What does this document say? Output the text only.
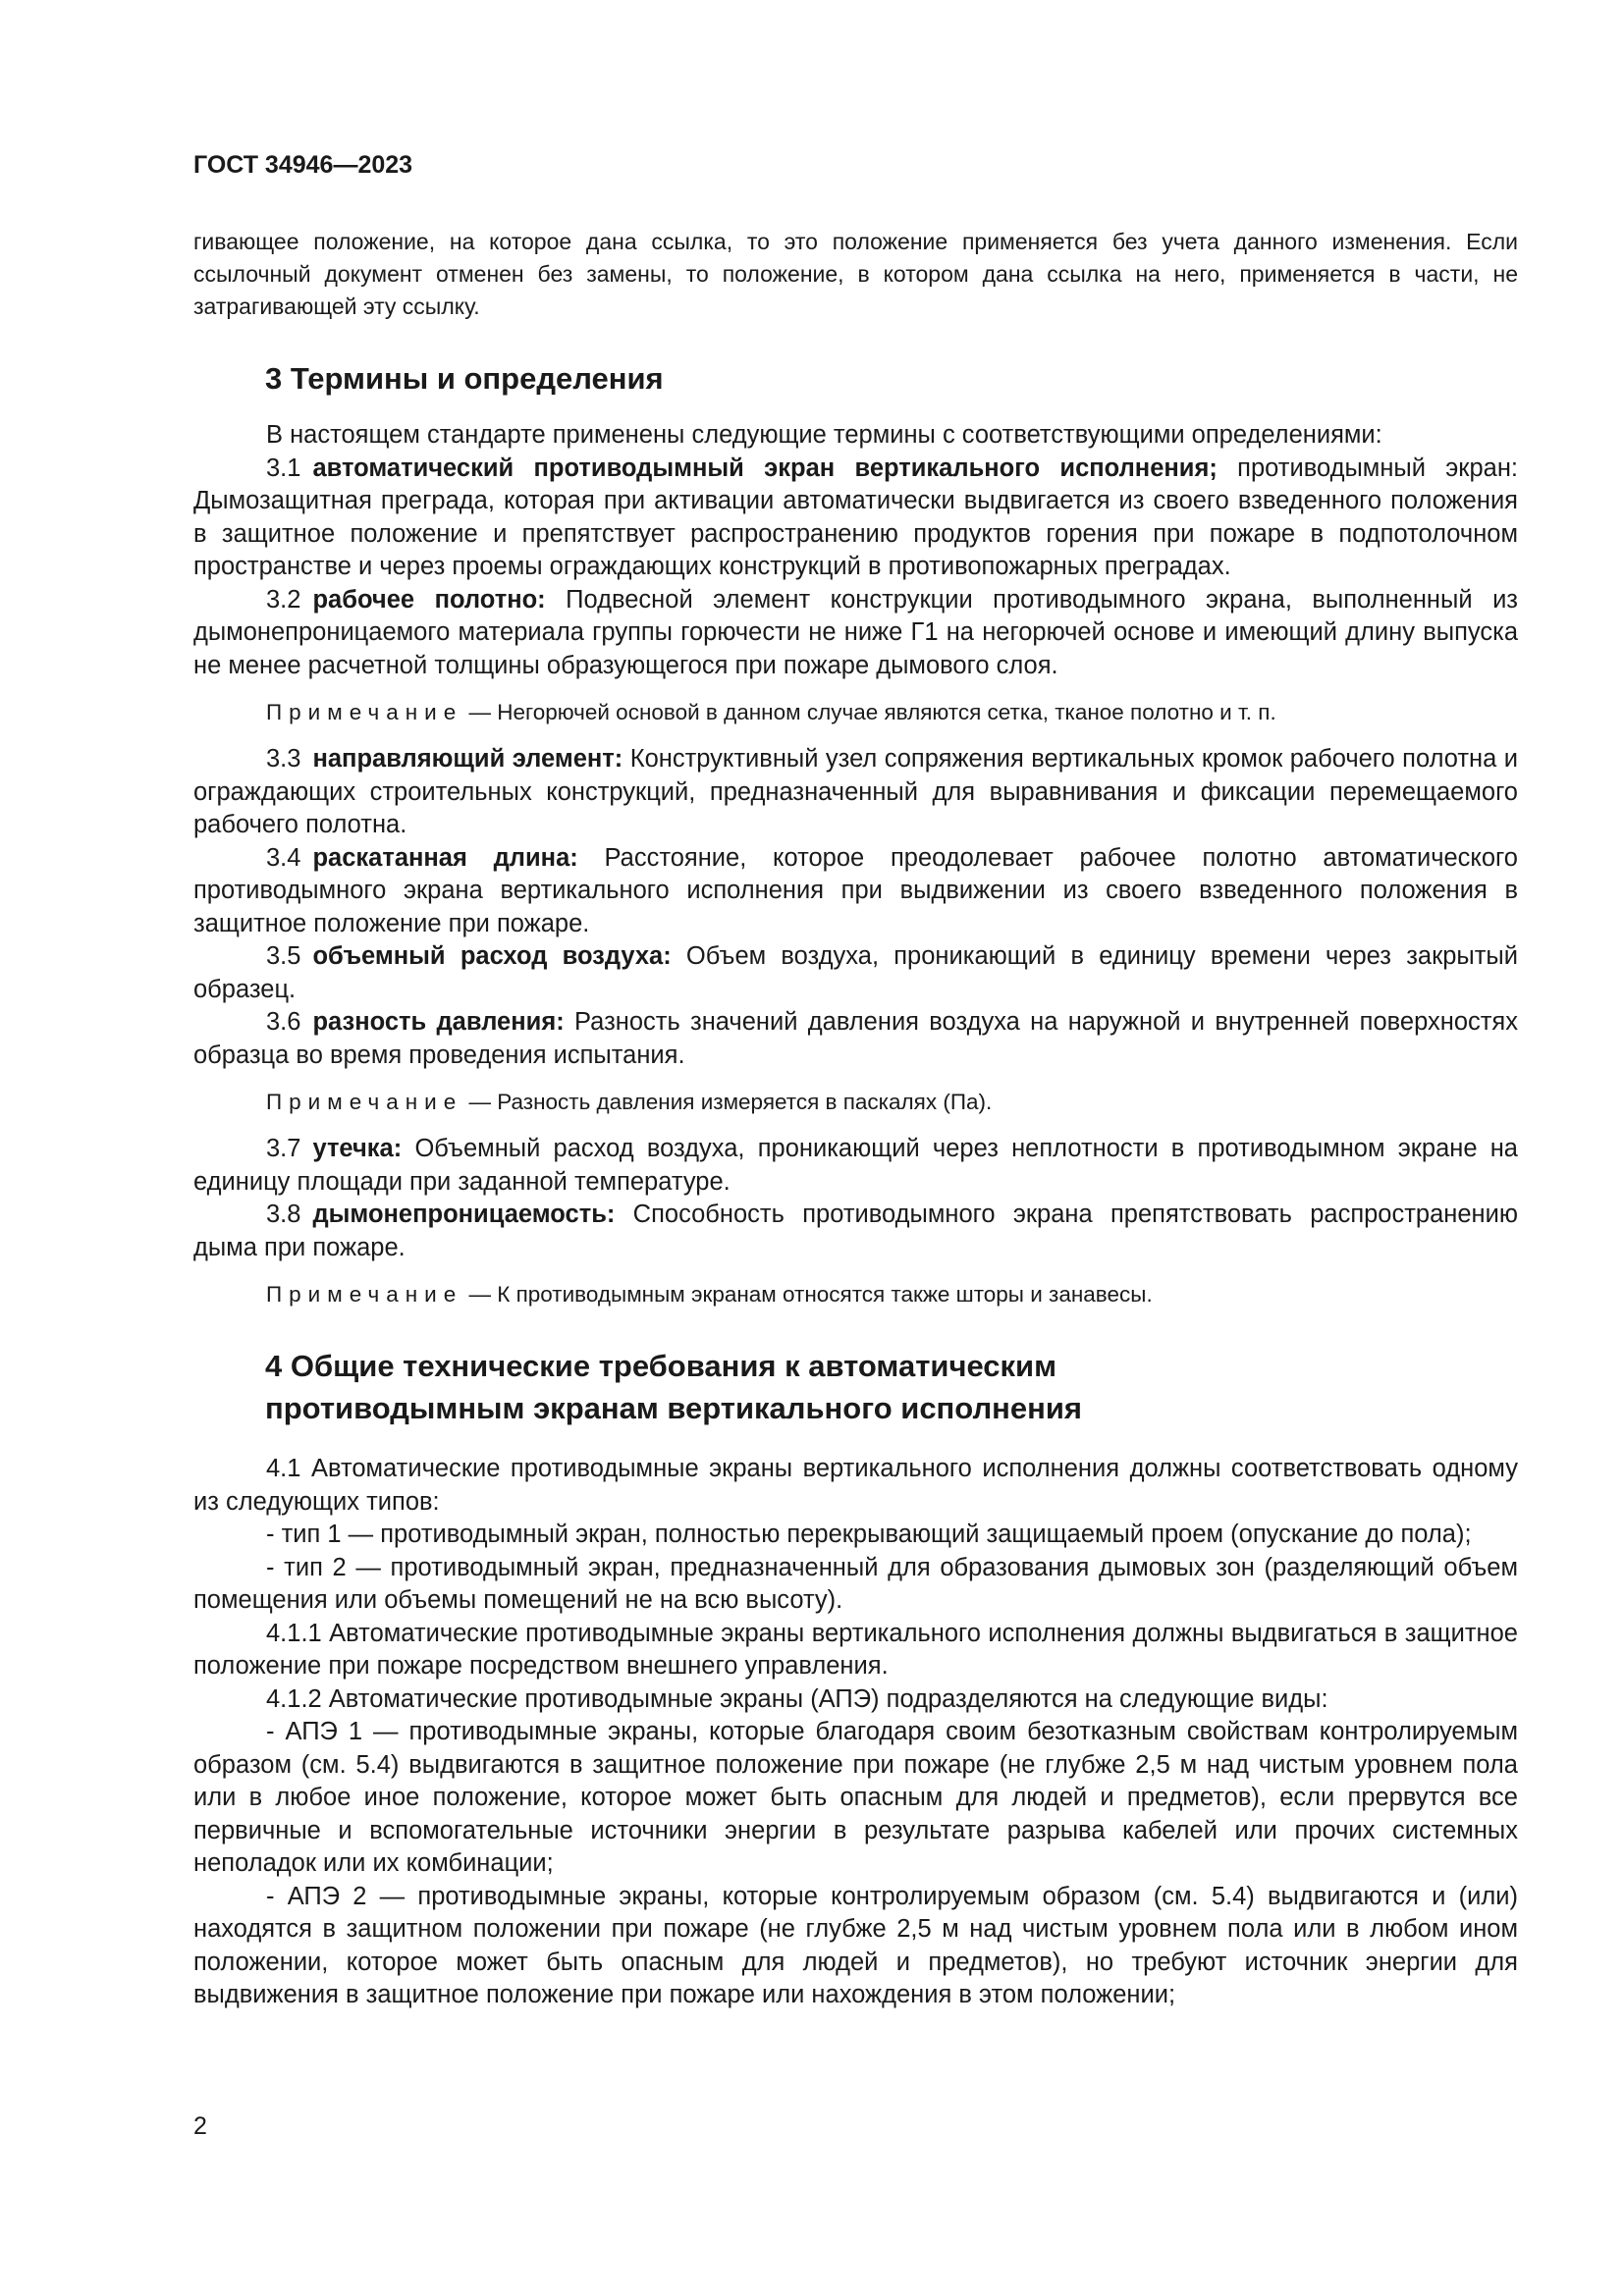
ГОСТ 34946—2023

гивающее положение, на которое дана ссылка, то это положение применяется без учета данного изменения. Если ссылочный документ отменен без замены, то положение, в котором дана ссылка на него, применяется в части, не затрагивающей эту ссылку.

3 Термины и определения

В настоящем стандарте применены следующие термины с соответствующими определениями:

3.1 автоматический противодымный экран вертикального исполнения; противодымный экран: Дымозащитная преграда, которая при активации автоматически выдвигается из своего взведенного положения в защитное положение и препятствует распространению продуктов горения при пожаре в подпотолочном пространстве и через проемы ограждающих конструкций в противопожарных преградах.

3.2 рабочее полотно: Подвесной элемент конструкции противодымного экрана, выполненный из дымонепроницаемого материала группы горючести не ниже Г1 на негорючей основе и имеющий длину выпуска не менее расчетной толщины образующегося при пожаре дымового слоя.

Примечание — Негорючей основой в данном случае являются сетка, тканое полотно и т. п.

3.3 направляющий элемент: Конструктивный узел сопряжения вертикальных кромок рабочего полотна и ограждающих строительных конструкций, предназначенный для выравнивания и фиксации перемещаемого рабочего полотна.

3.4 раскатанная длина: Расстояние, которое преодолевает рабочее полотно автоматического противодымного экрана вертикального исполнения при выдвижении из своего взведенного положения в защитное положение при пожаре.

3.5 объемный расход воздуха: Объем воздуха, проникающий в единицу времени через закрытый образец.

3.6 разность давления: Разность значений давления воздуха на наружной и внутренней поверхностях образца во время проведения испытания.

Примечание — Разность давления измеряется в паскалях (Па).

3.7 утечка: Объемный расход воздуха, проникающий через неплотности в противодымном экране на единицу площади при заданной температуре.

3.8 дымонепроницаемость: Способность противодымного экрана препятствовать распространению дыма при пожаре.

Примечание — К противодымным экранам относятся также шторы и занавесы.

4 Общие технические требования к автоматическим
противодымным экранам вертикального исполнения

4.1 Автоматические противодымные экраны вертикального исполнения должны соответствовать одному из следующих типов:

- тип 1 — противодымный экран, полностью перекрывающий защищаемый проем (опускание до пола);

- тип 2 — противодымный экран, предназначенный для образования дымовых зон (разделяющий объем помещения или объемы помещений не на всю высоту).

4.1.1 Автоматические противодымные экраны вертикального исполнения должны выдвигаться в защитное положение при пожаре посредством внешнего управления.

4.1.2 Автоматические противодымные экраны (АПЭ) подразделяются на следующие виды:

- АПЭ 1 — противодымные экраны, которые благодаря своим безотказным свойствам контролируемым образом (см. 5.4) выдвигаются в защитное положение при пожаре (не глубже 2,5 м над чистым уровнем пола или в любое иное положение, которое может быть опасным для людей и предметов), если прервутся все первичные и вспомогательные источники энергии в результате разрыва кабелей или прочих системных неполадок или их комбинации;

- АПЭ 2 — противодымные экраны, которые контролируемым образом (см. 5.4) выдвигаются и (или) находятся в защитном положении при пожаре (не глубже 2,5 м над чистым уровнем пола или в любом ином положении, которое может быть опасным для людей и предметов), но требуют источник энергии для выдвижения в защитное положение при пожаре или нахождения в этом положении;

2
